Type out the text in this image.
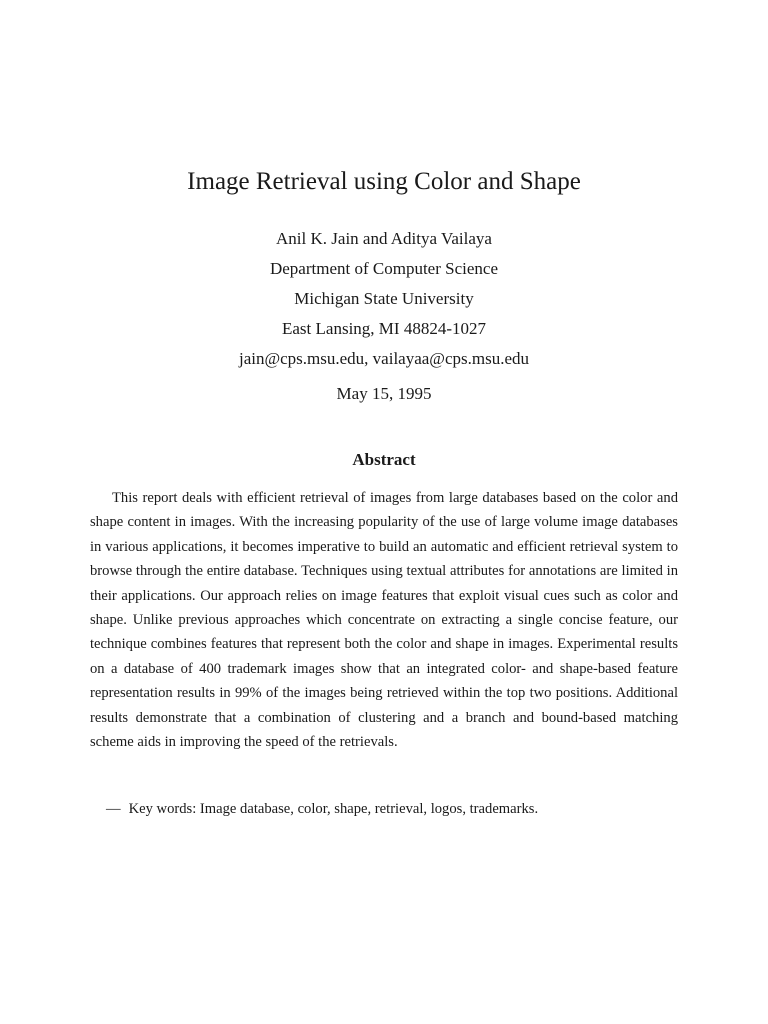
Image Retrieval using Color and Shape
Anil K. Jain and Aditya Vailaya
Department of Computer Science
Michigan State University
East Lansing, MI 48824-1027
jain@cps.msu.edu, vailayaa@cps.msu.edu
May 15, 1995
Abstract

This report deals with efficient retrieval of images from large databases based on the color and shape content in images. With the increasing popularity of the use of large volume image databases in various applications, it becomes imperative to build an automatic and efficient retrieval system to browse through the entire database. Techniques using textual attributes for annotations are limited in their applications. Our approach relies on image features that exploit visual cues such as color and shape. Unlike previous approaches which concentrate on extracting a single concise feature, our technique combines features that represent both the color and shape in images. Experimental results on a database of 400 trademark images show that an integrated color- and shape-based feature representation results in 99% of the images being retrieved within the top two positions. Additional results demonstrate that a combination of clustering and a branch and bound-based matching scheme aids in improving the speed of the retrievals.

— Key words: Image database, color, shape, retrieval, logos, trademarks.
